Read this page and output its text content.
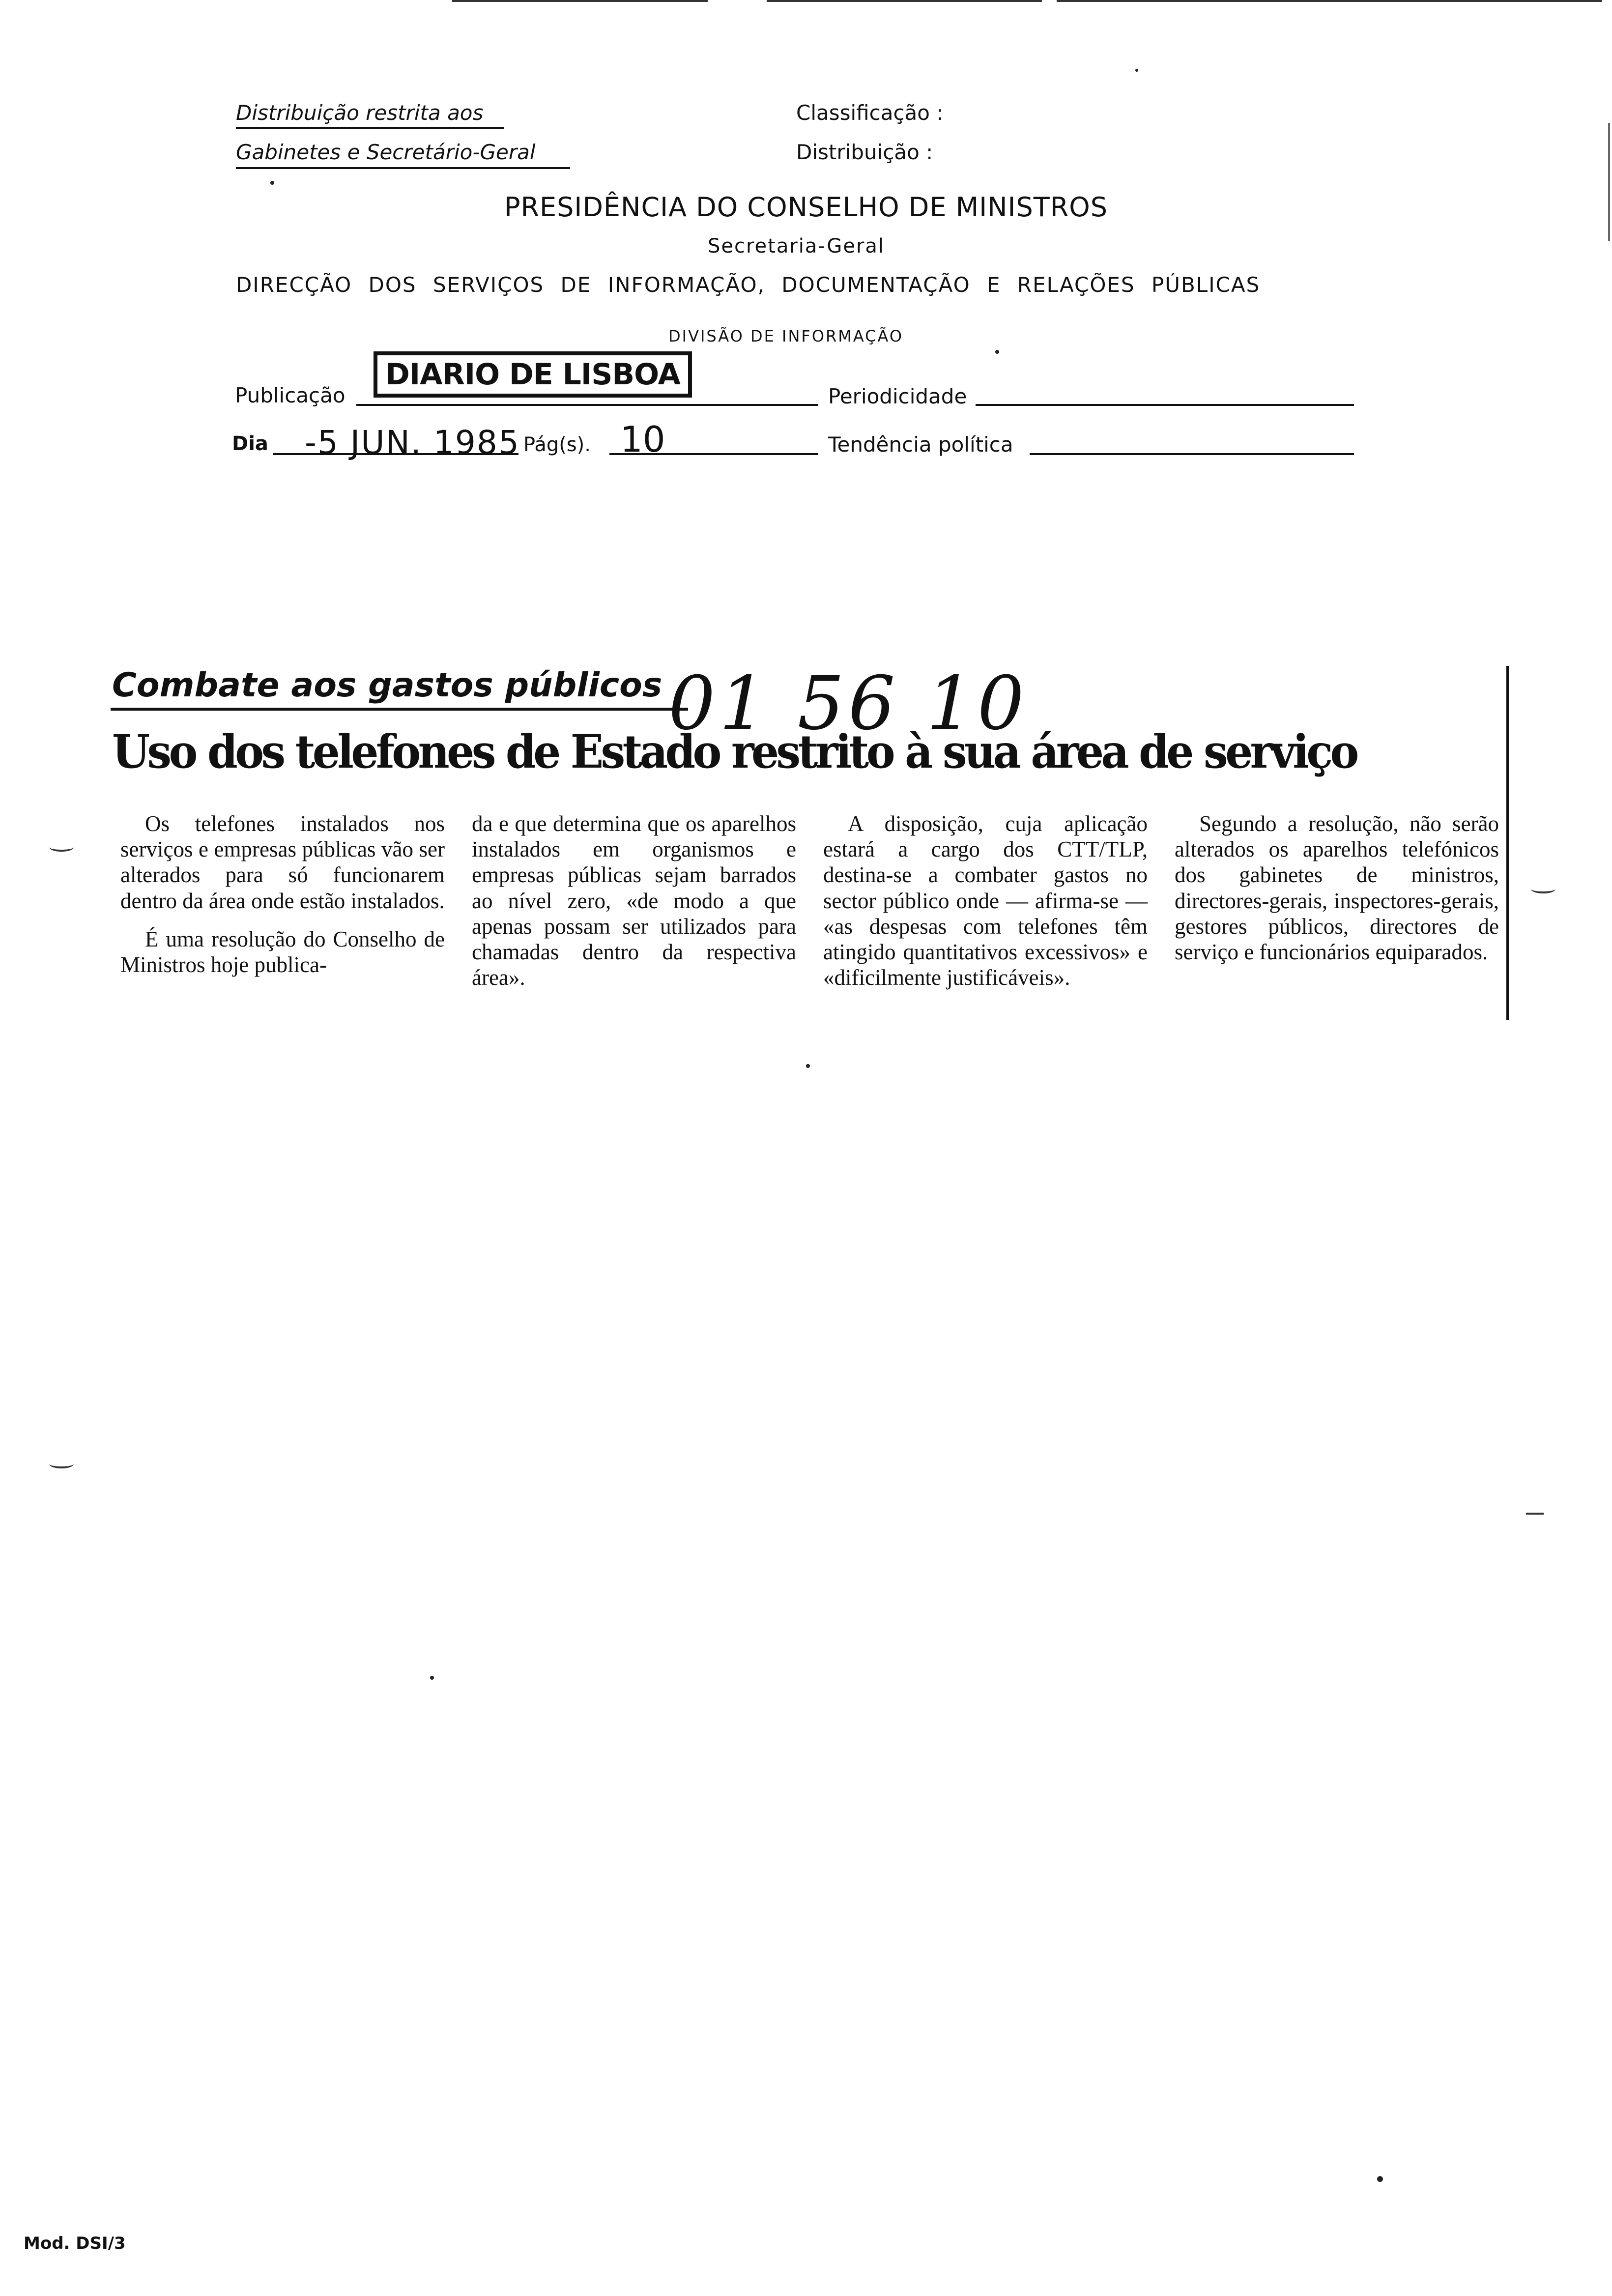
Distribuição restrita aos
Gabinetes e Secretário-Geral
Classificação :
Distribuição :
PRESIDÊNCIA DO CONSELHO DE MINISTROS
Secretaria-Geral
DIRECÇÃO DOS SERVIÇOS DE INFORMAÇÃO, DOCUMENTAÇÃO E RELAÇÕES PÚBLICAS
DIVISÃO DE INFORMAÇÃO
Publicação
DIARIO DE LISBOA
Periodicidade
Dia -5 JUN. 1985 Pág(s). 10	Tendência política
Combate aos gastos públicos 01 56 10
Uso dos telefones de Estado restrito à sua área de serviço

Os telefones instalados nos serviços e empresas públicas vão ser alterados para só funcionarem dentro da área onde estão instalados.

É uma resolução do Conselho de Ministros hoje publica-

da e que determina que os aparelhos instalados em organismos e empresas públicas sejam barrados ao nível zero, «de modo a que apenas possam ser utilizados para chamadas dentro da respectiva área».

A disposição, cuja aplicação estará a cargo dos CTT/TLP, destina-se a combater gastos no sector público onde — afirma-se — «as despesas com telefones têm atingido quantitativos excessivos» e «dificilmente justificáveis».

Segundo a resolução, não serão alterados os aparelhos telefónicos dos gabinetes de ministros, directores-gerais, inspectores-gerais, gestores públicos, directores de serviço e funcionários equiparados.

Mod. DSI/3
